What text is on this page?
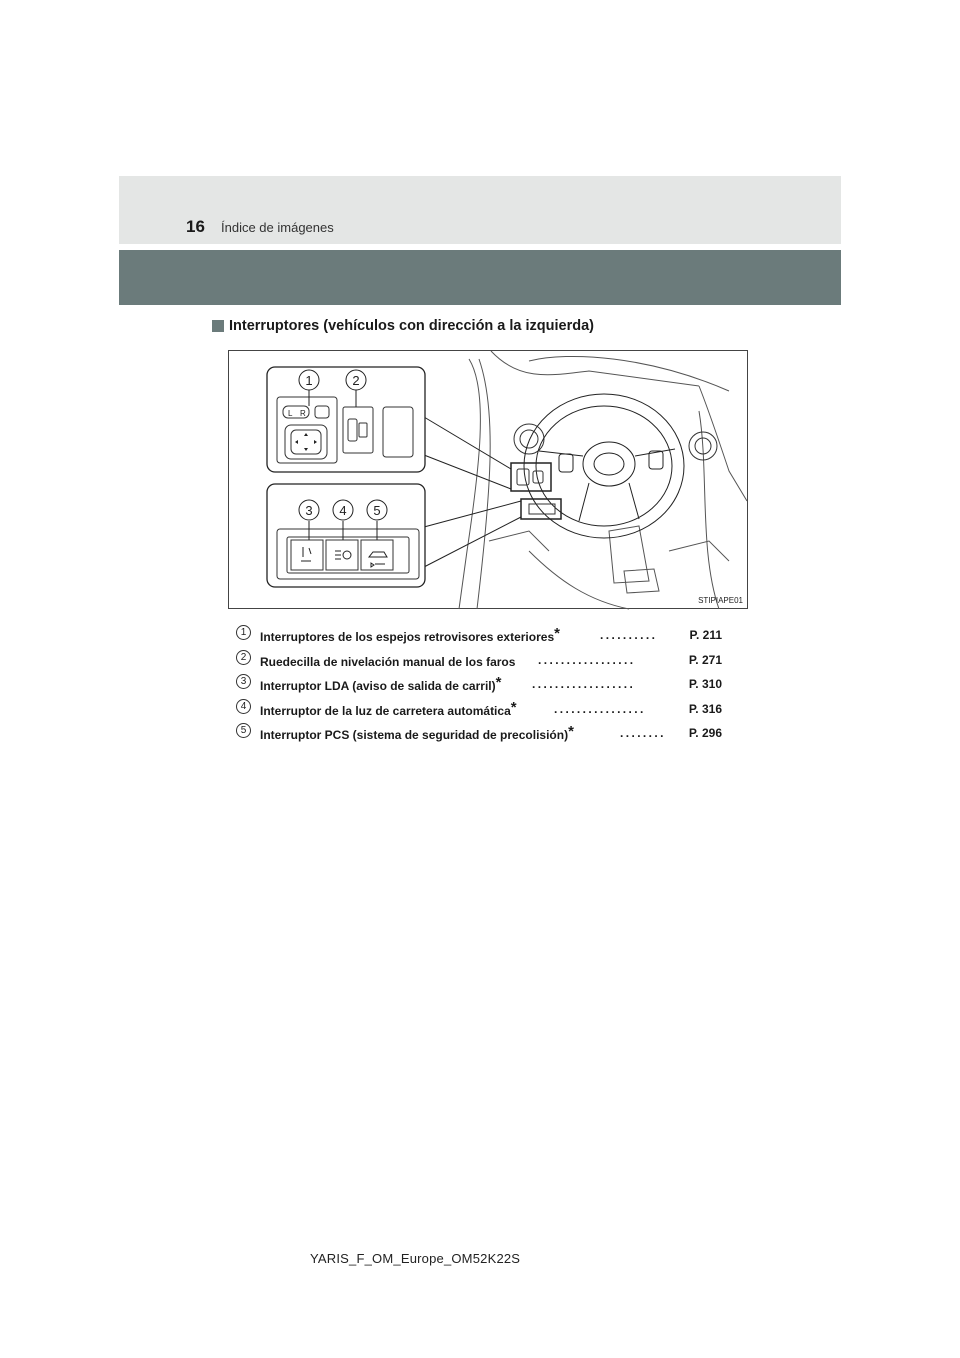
16 Índice de imágenes
Interruptores (vehículos con dirección a la izquierda)
L R
1	2
3 4 5
STIPIAPE01
1	Interruptores de los espejos retrovisores exteriores*	..........	P. 211
2	Ruedecilla de nivelación manual de los faros .................	P. 271
3	Interruptor LDA (aviso de salida de carril)*	..................	P. 310
4	Interruptor de la luz de carretera automática*	................	P. 316
5	Interruptor PCS (sistema de seguridad de precolisión)*	........	P. 296
YARIS_F_OM_Europe_OM52K22S
